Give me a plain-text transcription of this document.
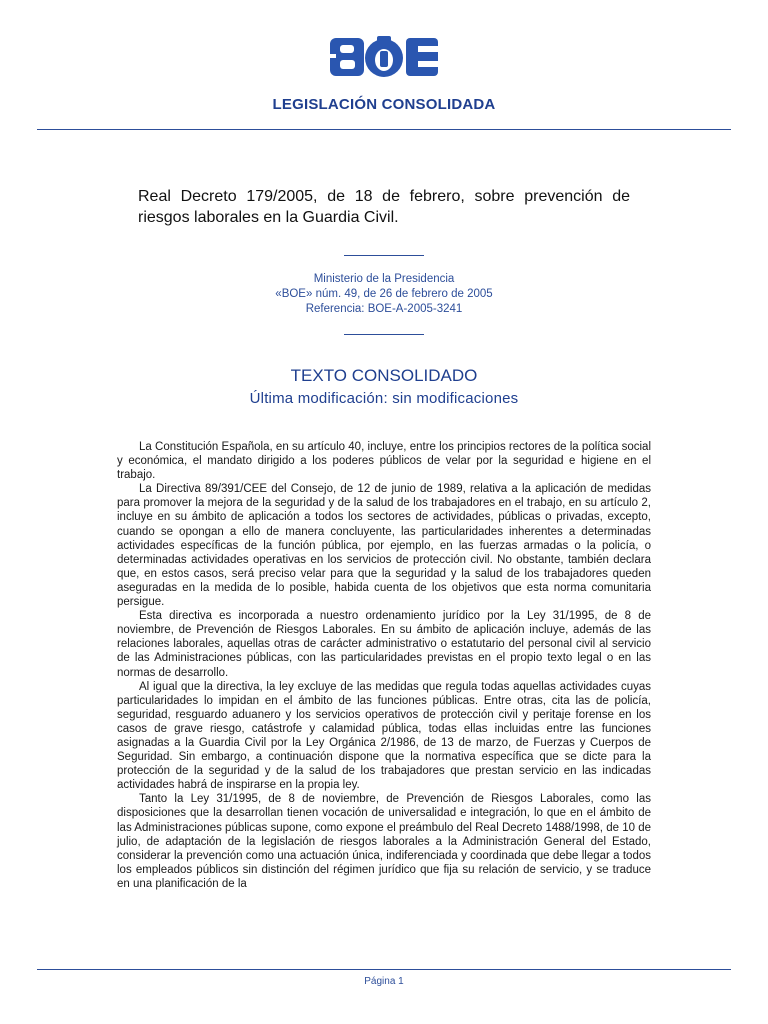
LEGISLACIÓN CONSOLIDADA
Real Decreto 179/2005, de 18 de febrero, sobre prevención de riesgos laborales en la Guardia Civil.
Ministerio de la Presidencia
«BOE» núm. 49, de 26 de febrero de 2005
Referencia: BOE-A-2005-3241
TEXTO CONSOLIDADO
Última modificación: sin modificaciones

La Constitución Española, en su artículo 40, incluye, entre los principios rectores de la política social y económica, el mandato dirigido a los poderes públicos de velar por la seguridad e higiene en el trabajo.

La Directiva 89/391/CEE del Consejo, de 12 de junio de 1989, relativa a la aplicación de medidas para promover la mejora de la seguridad y de la salud de los trabajadores en el trabajo, en su artículo 2, incluye en su ámbito de aplicación a todos los sectores de actividades, públicas o privadas, excepto, cuando se opongan a ello de manera concluyente, las particularidades inherentes a determinadas actividades específicas de la función pública, por ejemplo, en las fuerzas armadas o la policía, o determinadas actividades operativas en los servicios de protección civil. No obstante, también declara que, en estos casos, será preciso velar para que la seguridad y la salud de los trabajadores queden aseguradas en la medida de lo posible, habida cuenta de los objetivos que esta norma comunitaria persigue.

Esta directiva es incorporada a nuestro ordenamiento jurídico por la Ley 31/1995, de 8 de noviembre, de Prevención de Riesgos Laborales. En su ámbito de aplicación incluye, además de las relaciones laborales, aquellas otras de carácter administrativo o estatutario del personal civil al servicio de las Administraciones públicas, con las particularidades previstas en el propio texto legal o en las normas de desarrollo.

Al igual que la directiva, la ley excluye de las medidas que regula todas aquellas actividades cuyas particularidades lo impidan en el ámbito de las funciones públicas. Entre otras, cita las de policía, seguridad, resguardo aduanero y los servicios operativos de protección civil y peritaje forense en los casos de grave riesgo, catástrofe y calamidad pública, todas ellas incluidas entre las funciones asignadas a la Guardia Civil por la Ley Orgánica 2/1986, de 13 de marzo, de Fuerzas y Cuerpos de Seguridad. Sin embargo, a continuación dispone que la normativa específica que se dicte para la protección de la seguridad y de la salud de los trabajadores que prestan servicio en las indicadas actividades habrá de inspirarse en la propia ley.

Tanto la Ley 31/1995, de 8 de noviembre, de Prevención de Riesgos Laborales, como las disposiciones que la desarrollan tienen vocación de universalidad e integración, lo que en el ámbito de las Administraciones públicas supone, como expone el preámbulo del Real Decreto 1488/1998, de 10 de julio, de adaptación de la legislación de riesgos laborales a la Administración General del Estado, considerar la prevención como una actuación única, indiferenciada y coordinada que debe llegar a todos los empleados públicos sin distinción del régimen jurídico que fija su relación de servicio, y se traduce en una planificación de la

Página 1
